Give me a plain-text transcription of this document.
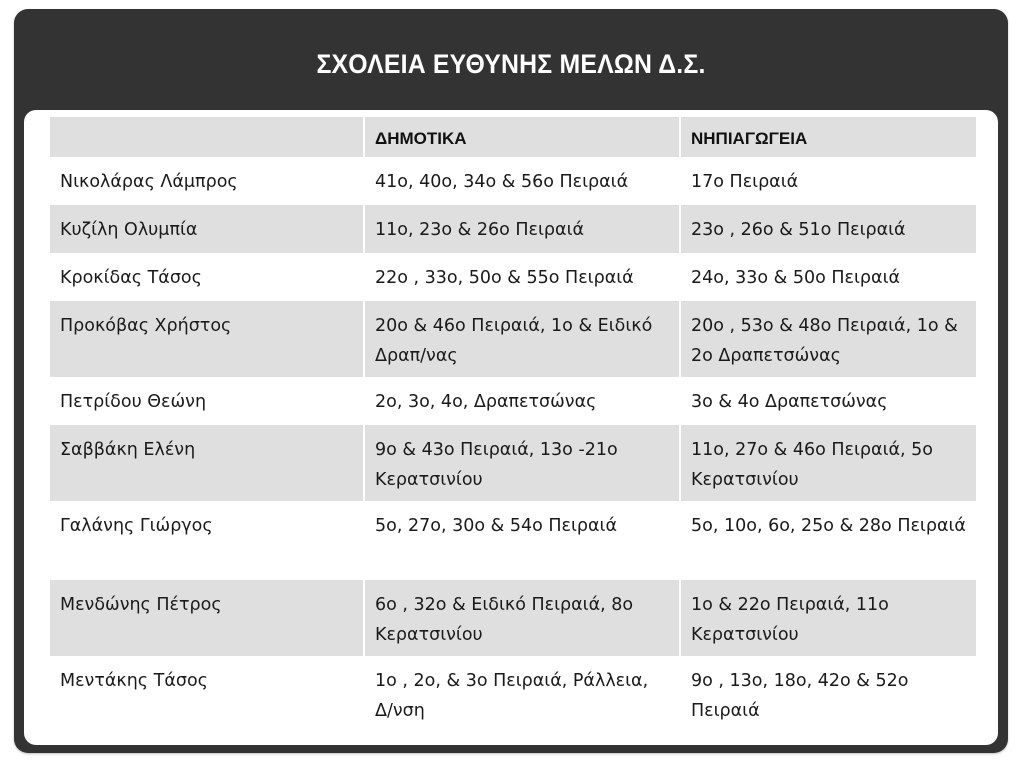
ΣΧΟΛΕΙΑ ΕΥΘΥΝΗΣ ΜΕΛΩΝ Δ.Σ.
	ΔΗΜΟΤΙΚΑ	ΝΗΠΙΑΓΩΓΕΙΑ
Νικολάρας Λάμπρος	41ο, 40ο, 34ο & 56ο Πειραιά	17ο Πειραιά
Κυζίλη Ολυμπία	11ο, 23ο & 26ο Πειραιά	23ο , 26ο & 51ο Πειραιά
Κροκίδας Τάσος	22ο , 33ο, 50ο & 55ο Πειραιά	24ο, 33ο & 50ο Πειραιά
Προκόβας Χρήστος	20ο & 46ο Πειραιά, 1ο & Ειδικό Δραπ/νας	20ο , 53ο & 48ο Πειραιά, 1ο & 2ο Δραπετσώνας
Πετρίδου Θεώνη	2ο, 3ο, 4ο, Δραπετσώνας	3ο & 4ο Δραπετσώνας
Σαββάκη Ελένη	9ο & 43ο Πειραιά, 13ο -21ο Κερατσινίου	11ο, 27ο & 46ο Πειραιά, 5ο Κερατσινίου
Γαλάνης Γιώργος	5ο, 27ο, 30ο & 54ο Πειραιά	5ο, 10ο, 6ο, 25ο & 28ο Πειραιά
Μενδώνης Πέτρος	6ο , 32ο & Ειδικό Πειραιά, 8ο Κερατσινίου	1ο & 22ο Πειραιά, 11ο Κερατσινίου
Μεντάκης Τάσος	1ο , 2ο, & 3ο Πειραιά, Ράλλεια, Δ/νση	9ο , 13ο, 18ο, 42ο & 52ο Πειραιά
